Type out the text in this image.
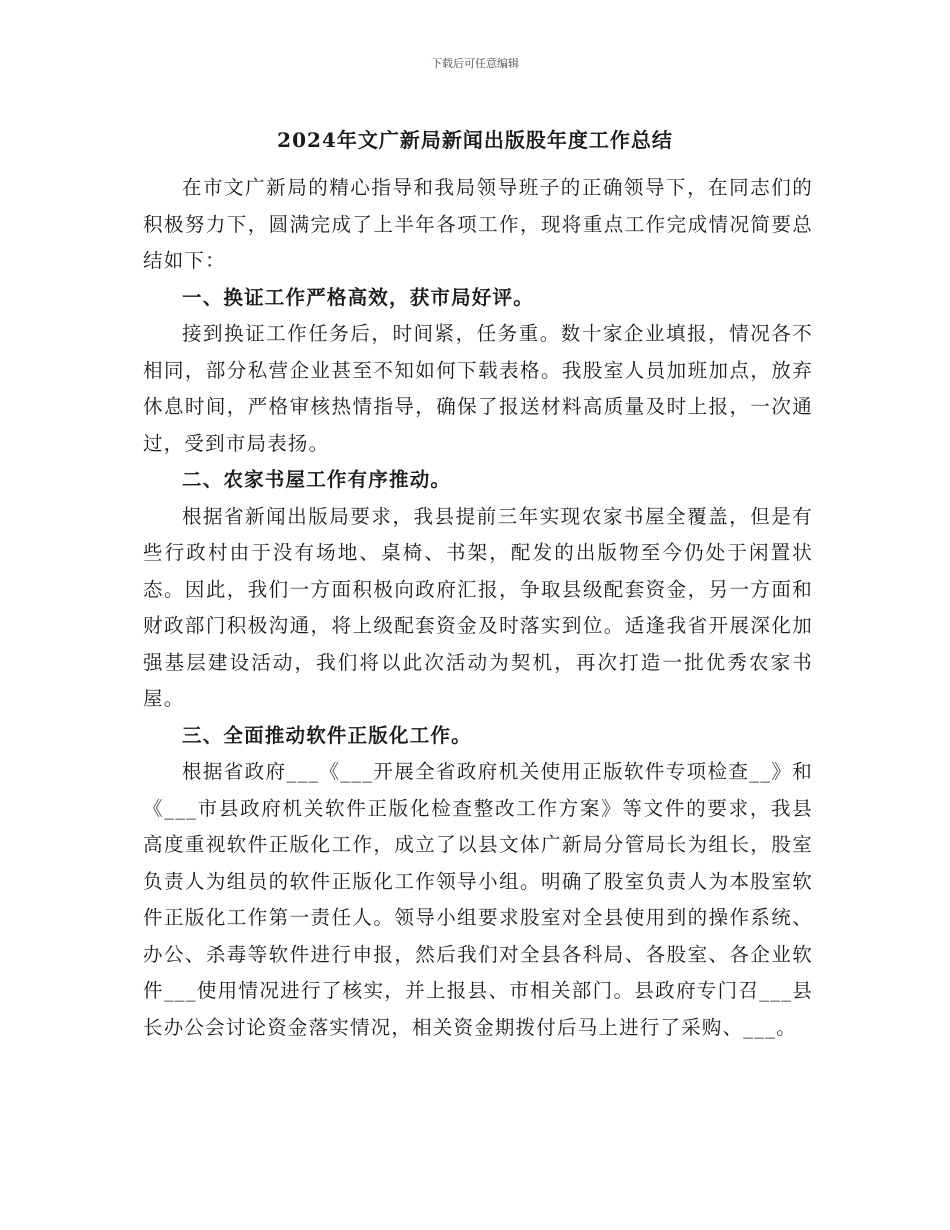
下载后可任意编辑
2024年文广新局新闻出版股年度工作总结

在市文广新局的精心指导和我局领导班子的正确领导下，在同志们的积极努力下，圆满完成了上半年各项工作，现将重点工作完成情况简要总结如下：

一、换证工作严格高效，获市局好评。

接到换证工作任务后，时间紧，任务重。数十家企业填报，情况各不相同，部分私营企业甚至不知如何下载表格。我股室人员加班加点，放弃休息时间，严格审核热情指导，确保了报送材料高质量及时上报，一次通过，受到市局表扬。

二、农家书屋工作有序推动。

根据省新闻出版局要求，我县提前三年实现农家书屋全覆盖，但是有些行政村由于没有场地、桌椅、书架，配发的出版物至今仍处于闲置状态。因此，我们一方面积极向政府汇报，争取县级配套资金，另一方面和财政部门积极沟通，将上级配套资金及时落实到位。适逢我省开展深化加强基层建设活动，我们将以此次活动为契机，再次打造一批优秀农家书屋。

三、全面推动软件正版化工作。

根据省政府___《___开展全省政府机关使用正版软件专项检查__》和《___市县政府机关软件正版化检查整改工作方案》等文件的要求，我县高度重视软件正版化工作，成立了以县文体广新局分管局长为组长，股室负责人为组员的软件正版化工作领导小组。明确了股室负责人为本股室软件正版化工作第一责任人。领导小组要求股室对全县使用到的操作系统、办公、杀毒等软件进行申报，然后我们对全县各科局、各股室、各企业软件___使用情况进行了核实，并上报县、市相关部门。县政府专门召___县长办公会讨论资金落实情况，相关资金期拨付后马上进行了采购、___。
